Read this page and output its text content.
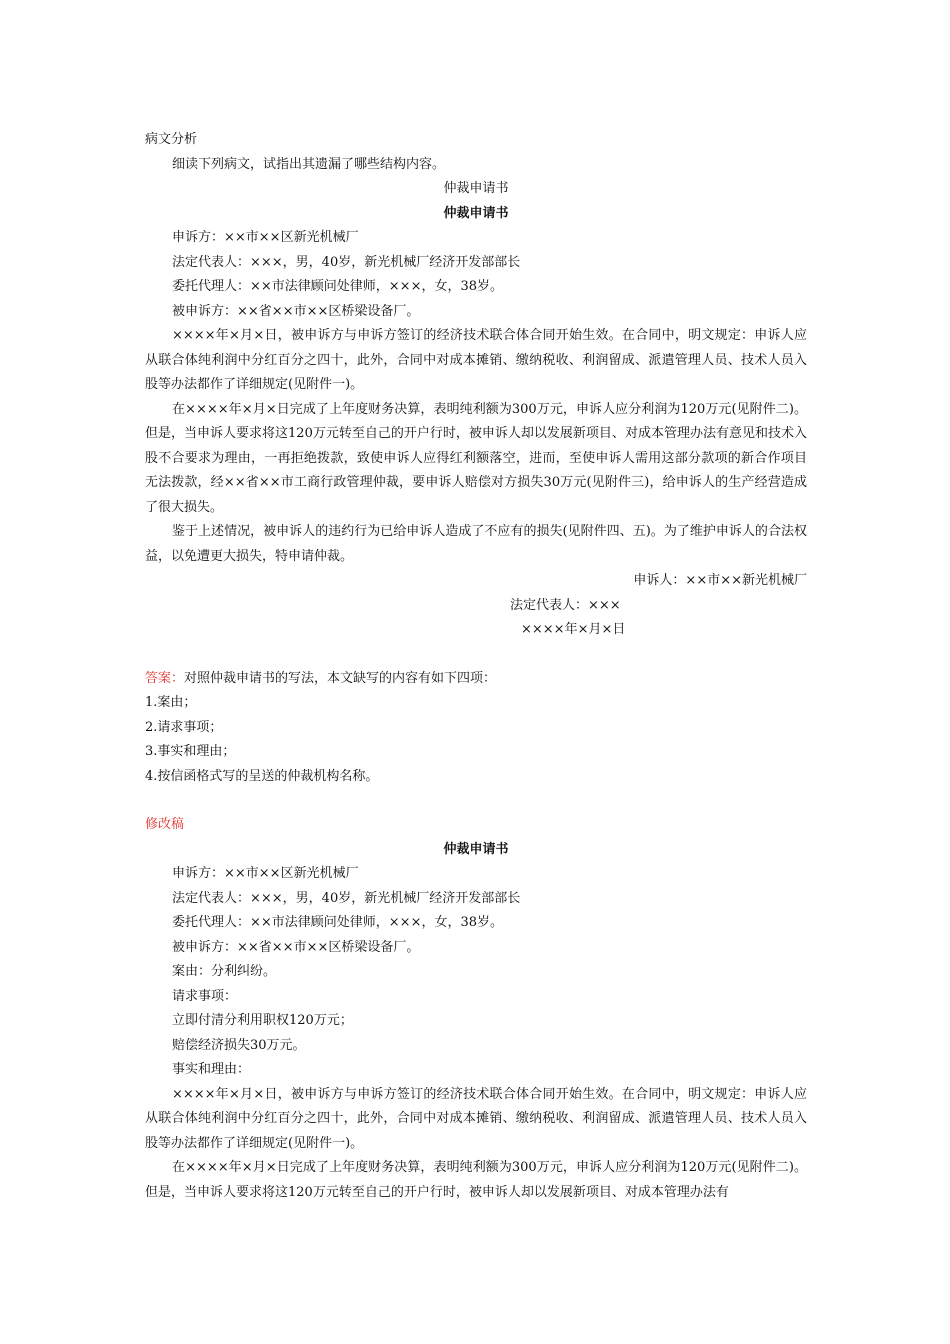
病文分析
细读下列病文，试指出其遗漏了哪些结构内容。
仲裁申请书
仲裁申请书
申诉方：××市××区新光机械厂
法定代表人：×××，男，40岁，新光机械厂经济开发部部长
委托代理人：××市法律顾问处律师，×××，女，38岁。
被申诉方：××省××市××区桥梁设备厂。
××××年×月×日，被申诉方与申诉方签订的经济技术联合体合同开始生效。在合同中，明文规定：申诉人应从联合体纯利润中分红百分之四十，此外，合同中对成本摊销、缴纳税收、利润留成、派遣管理人员、技术人员入股等办法都作了详细规定(见附件一)。
在××××年×月×日完成了上年度财务决算，表明纯利额为300万元，申诉人应分利润为120万元(见附件二)。但是，当申诉人要求将这120万元转至自己的开户行时，被申诉人却以发展新项目、对成本管理办法有意见和技术入股不合要求为理由，一再拒绝拨款，致使申诉人应得红利额落空，进而，至使申诉人需用这部分款项的新合作项目无法拨款，经××省××市工商行政管理仲裁，要申诉人赔偿对方损失30万元(见附件三)，给申诉人的生产经营造成了很大损失。
鉴于上述情况，被申诉人的违约行为已给申诉人造成了不应有的损失(见附件四、五)。为了维护申诉人的合法权益，以免遭更大损失，特申请仲裁。
申诉人：××市××新光机械厂
法定代表人：×××
××××年×月×日
答案：对照仲裁申请书的写法，本文缺写的内容有如下四项：
1.案由；
2.请求事项；
3.事实和理由；
4.按信函格式写的呈送的仲裁机构名称。
修改稿
仲裁申请书
申诉方：××市××区新光机械厂
法定代表人：×××，男，40岁，新光机械厂经济开发部部长
委托代理人：××市法律顾问处律师，×××，女，38岁。
被申诉方：××省××市××区桥梁设备厂。
案由：分利纠纷。
请求事项：
立即付清分利用职权120万元；
赔偿经济损失30万元。
事实和理由：
××××年×月×日，被申诉方与申诉方签订的经济技术联合体合同开始生效。在合同中，明文规定：申诉人应从联合体纯利润中分红百分之四十，此外，合同中对成本摊销、缴纳税收、利润留成、派遣管理人员、技术人员入股等办法都作了详细规定(见附件一)。
在××××年×月×日完成了上年度财务决算，表明纯利额为300万元，申诉人应分利润为120万元(见附件二)。但是，当申诉人要求将这120万元转至自己的开户行时，被申诉人却以发展新项目、对成本管理办法有
